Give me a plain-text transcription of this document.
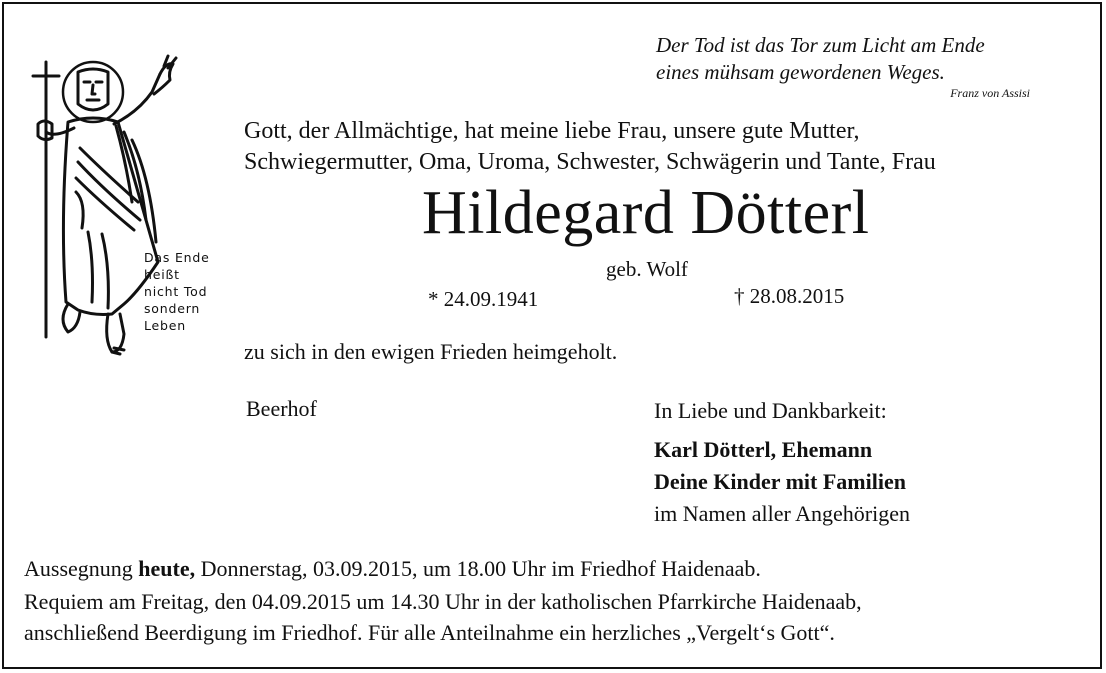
Das Ende
heißt
nicht Tod
sondern
Leben
Der Tod ist das Tor zum Licht am Ende
eines mühsam gewordenen Weges.
Franz von Assisi
Gott, der Allmächtige, hat meine liebe Frau, unsere gute Mutter,
Schwiegermutter, Oma, Uroma, Schwester, Schwägerin und Tante, Frau
Hildegard Dötterl
geb. Wolf
* 24.09.1941	† 28.08.2015
zu sich in den ewigen Frieden heimgeholt.
Beerhof	In Liebe und Dankbarkeit:
Karl Dötterl, Ehemann
Deine Kinder mit Familien
im Namen aller Angehörigen
Aussegnung heute, Donnerstag, 03.09.2015, um 18.00 Uhr im Friedhof Haidenaab.
Requiem am Freitag, den 04.09.2015 um 14.30 Uhr in der katholischen Pfarrkirche Haidenaab,
anschließend Beerdigung im Friedhof. Für alle Anteilnahme ein herzliches „Vergelt‘s Gott“.
